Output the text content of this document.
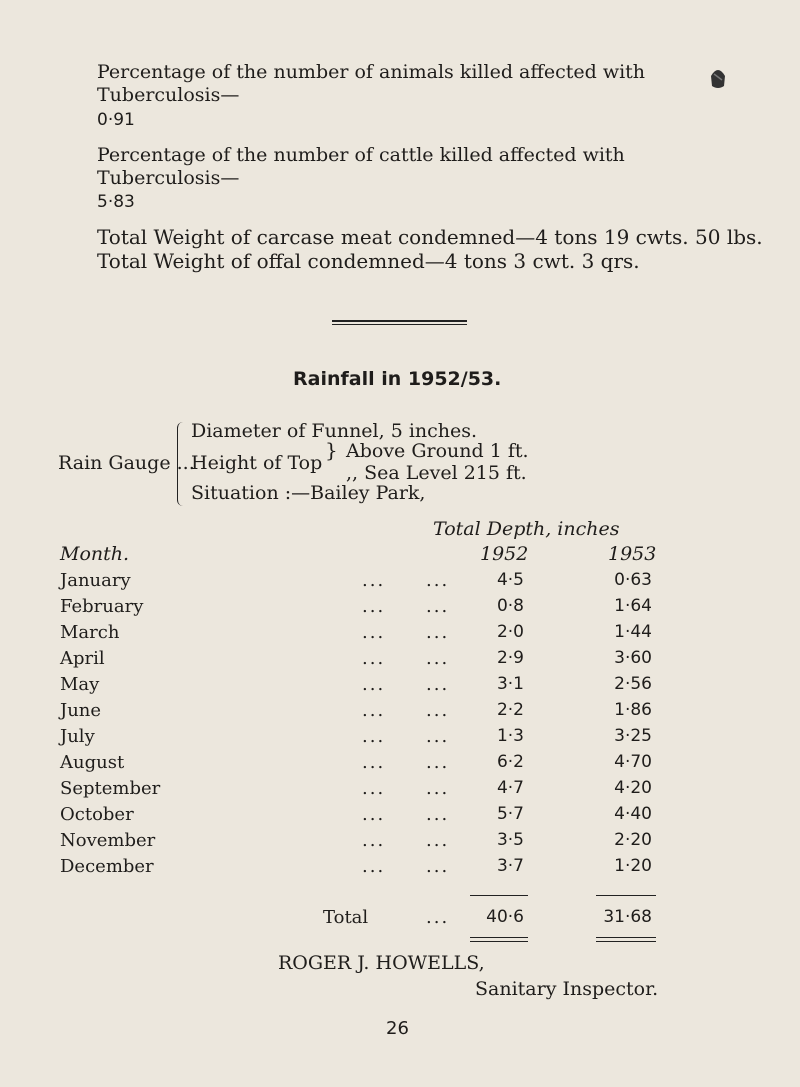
Percentage of the number of animals killed affected with
Tuberculosis—
0·91
Percentage of the number of cattle killed affected with
Tuberculosis—
5·83
Total Weight of carcase meat condemned—4 tons 19 cwts. 50 lbs.
Total Weight of offal condemned—4 tons 3 cwt. 3 qrs.
Rainfall in 1952/53.
Rain Gauge ...
Diameter of Funnel, 5 inches.
Height of Top
} Above Ground 1 ft.
,, Sea Level 215 ft.
Situation :—Bailey Park,
Total Depth, inches
Month.	1952	1953
January	... ...	4·5	0·63
February	... ...	0·8	1·64
March	... ...	2·0	1·44
April	... ...	2·9	3·60
May	... ...	3·1	2·56
June	... ...	2·2	1·86
July	... ...	1·3	3·25
August	... ...	6·2	4·70
September	... ...	4·7	4·20
October	... ...	5·7	4·40
November	... ...	3·5	2·20
December	... ...	3·7	1·20
Total	...	40·6	31·68
ROGER J. HOWELLS,
Sanitary Inspector.
26
